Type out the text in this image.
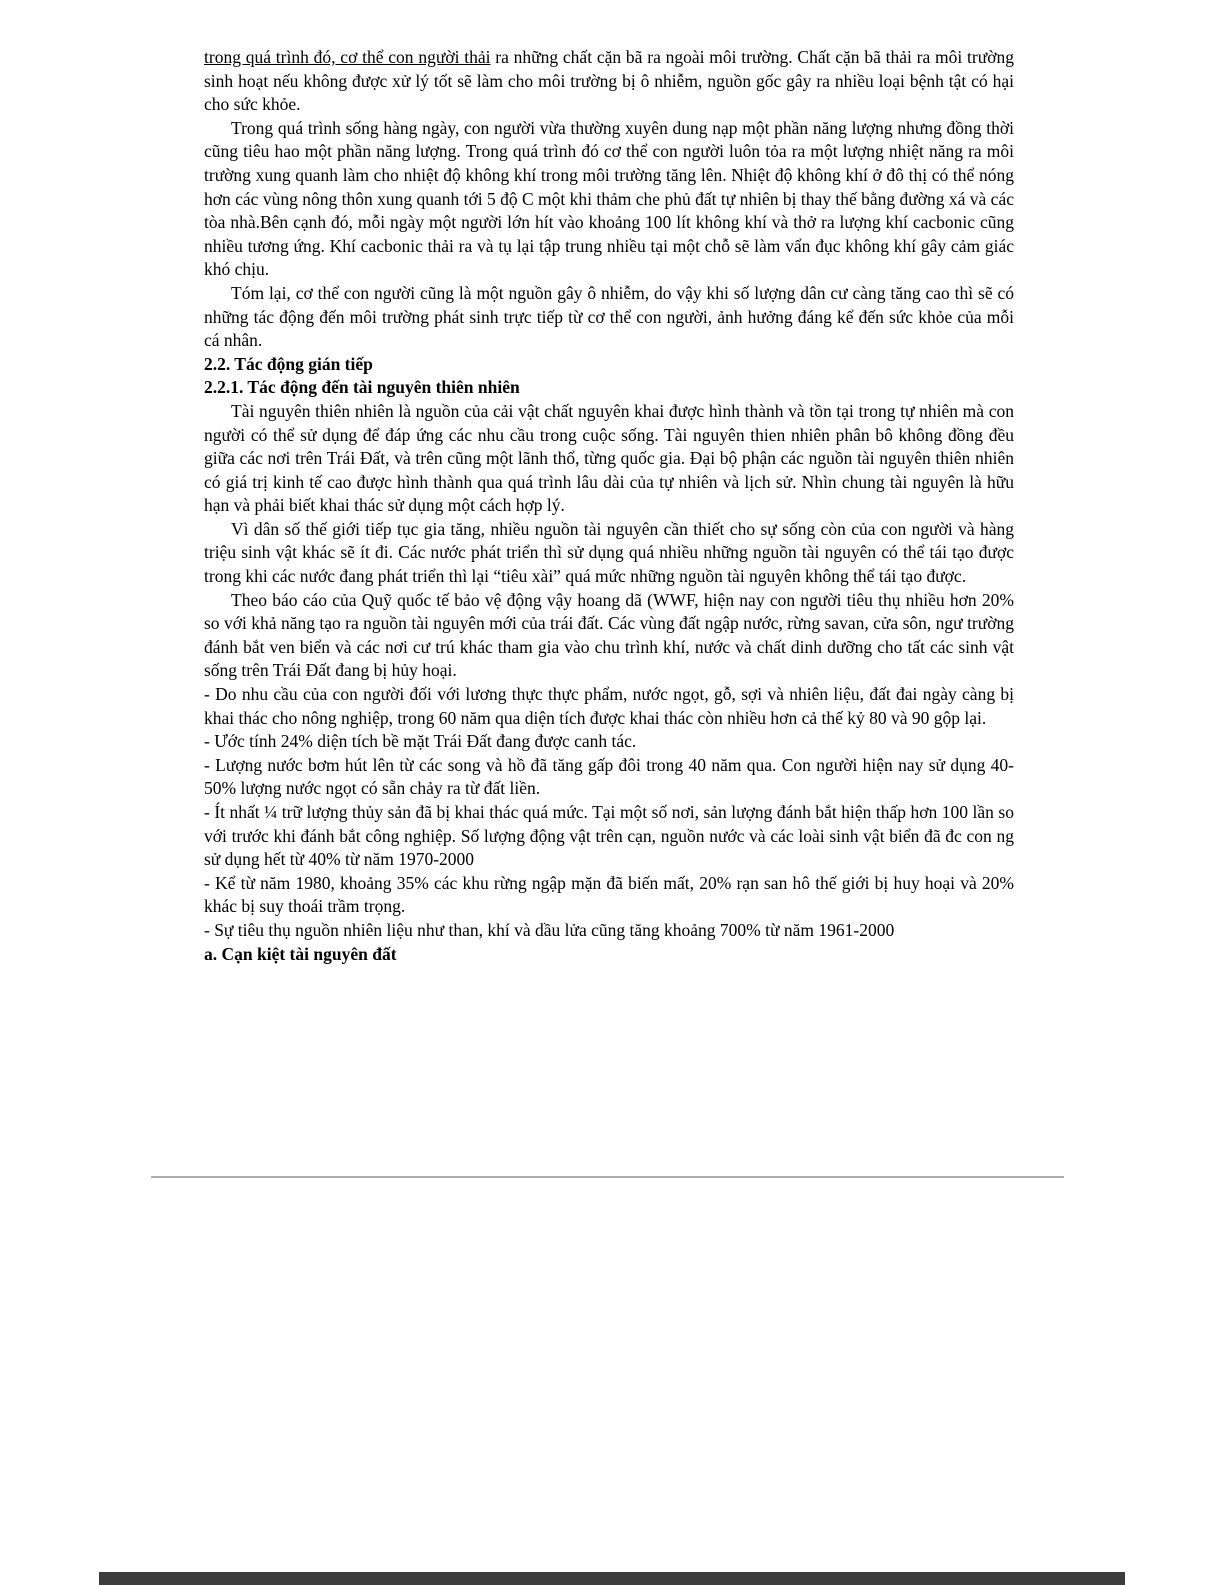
trong quá trình đó, cơ thể con người thải ra những chất cặn bã ra ngoài môi trường. Chất cặn bã thải ra môi trường sinh hoạt nếu không được xử lý tốt sẽ làm cho môi trường bị ô nhiễm, nguồn gốc gây ra nhiều loại bệnh tật có hại cho sức khỏe.

Trong quá trình sống hàng ngày, con người vừa thường xuyên dung nạp một phần năng lượng nhưng đồng thời cũng tiêu hao một phần năng lượng. Trong quá trình đó cơ thể con người luôn tỏa ra một lượng nhiệt năng ra môi trường xung quanh làm cho nhiệt độ không khí trong môi trường tăng lên. Nhiệt độ không khí ở đô thị có thể nóng hơn các vùng nông thôn xung quanh tới 5 độ C một khi thảm che phủ đất tự nhiên bị thay thế bằng đường xá và các tòa nhà.Bên cạnh đó, mỗi ngày một người lớn hít vào khoảng 100 lít không khí và thở ra lượng khí cacbonic cũng nhiều tương ứng. Khí cacbonic thải ra và tụ lại tập trung nhiều tại một chỗ sẽ làm vẩn đục không khí gây cảm giác khó chịu.

Tóm lại, cơ thể con người cũng là một nguồn gây ô nhiễm, do vậy khi số lượng dân cư càng tăng cao thì sẽ có những tác động đến môi trường phát sinh trực tiếp từ cơ thể con người, ảnh hưởng đáng kể đến sức khỏe của mỗi cá nhân.

2.2. Tác động gián tiếp

2.2.1. Tác động đến tài nguyên thiên nhiên

Tài nguyên thiên nhiên là nguồn của cải vật chất nguyên khai được hình thành và tồn tại trong tự nhiên mà con người có thể sử dụng để đáp ứng các nhu cầu trong cuộc sống. Tài nguyên thien nhiên phân bô không đồng đều giữa các nơi trên Trái Đất, và trên cũng một lãnh thổ, từng quốc gia. Đại bộ phận các nguồn tài nguyên thiên nhiên có giá trị kinh tế cao được hình thành qua quá trình lâu dài của tự nhiên và lịch sử. Nhìn chung tài nguyên là hữu hạn và phải biết khai thác sử dụng một cách hợp lý.

Vì dân số thế giới tiếp tục gia tăng, nhiều nguồn tài nguyên cần thiết cho sự sống còn của con người và hàng triệu sinh vật khác sẽ ít đi. Các nước phát triển thì sử dụng quá nhiều những nguồn tài nguyên có thể tái tạo được trong khi các nước đang phát triển thì lại “tiêu xài” quá mức những nguồn tài nguyên không thể tái tạo được.

Theo báo cáo của Quỹ quốc tế bảo vệ động vậy hoang dã (WWF, hiện nay con người tiêu thụ nhiều hơn 20% so với khả năng tạo ra nguồn tài nguyên mới của trái đất. Các vùng đất ngập nước, rừng savan, cửa sôn, ngư trường đánh bắt ven biển và các nơi cư trú khác tham gia vào chu trình khí, nước và chất dinh dưỡng cho tất các sinh vật sống trên Trái Đất đang bị hủy hoại.

- Do nhu cầu của con người đối với lương thực thực phẩm, nước ngọt, gỗ, sợi và nhiên liệu, đất đai ngày càng bị khai thác cho nông nghiệp, trong 60 năm qua diện tích được khai thác còn nhiều hơn cả thế kỷ 80 và 90 gộp lại.

- Ước tính 24% diện tích bề mặt Trái Đất đang được canh tác.

- Lượng nước bơm hút lên từ các song và hồ đã tăng gấp đôi trong 40 năm qua. Con người hiện nay sử dụng 40-50% lượng nước ngọt có sẵn chảy ra từ đất liền.

- Ít nhất ¼ trữ lượng thủy sản đã bị khai thác quá mức. Tại một số nơi, sản lượng đánh bắt hiện thấp hơn 100 lần so với trước khi đánh bắt công nghiệp. Số lượng động vật trên cạn, nguồn nước và các loài sinh vật biển đã đc con ng sử dụng hết từ 40% từ năm 1970-2000

- Kể từ năm 1980, khoảng 35% các khu rừng ngập mặn đã biến mất, 20% rạn san hô thế giới bị huy hoại và 20% khác bị suy thoái trầm trọng.

- Sự tiêu thụ nguồn nhiên liệu như than, khí và dầu lửa cũng tăng khoảng 700% từ năm 1961-2000

a. Cạn kiệt tài nguyên đất
